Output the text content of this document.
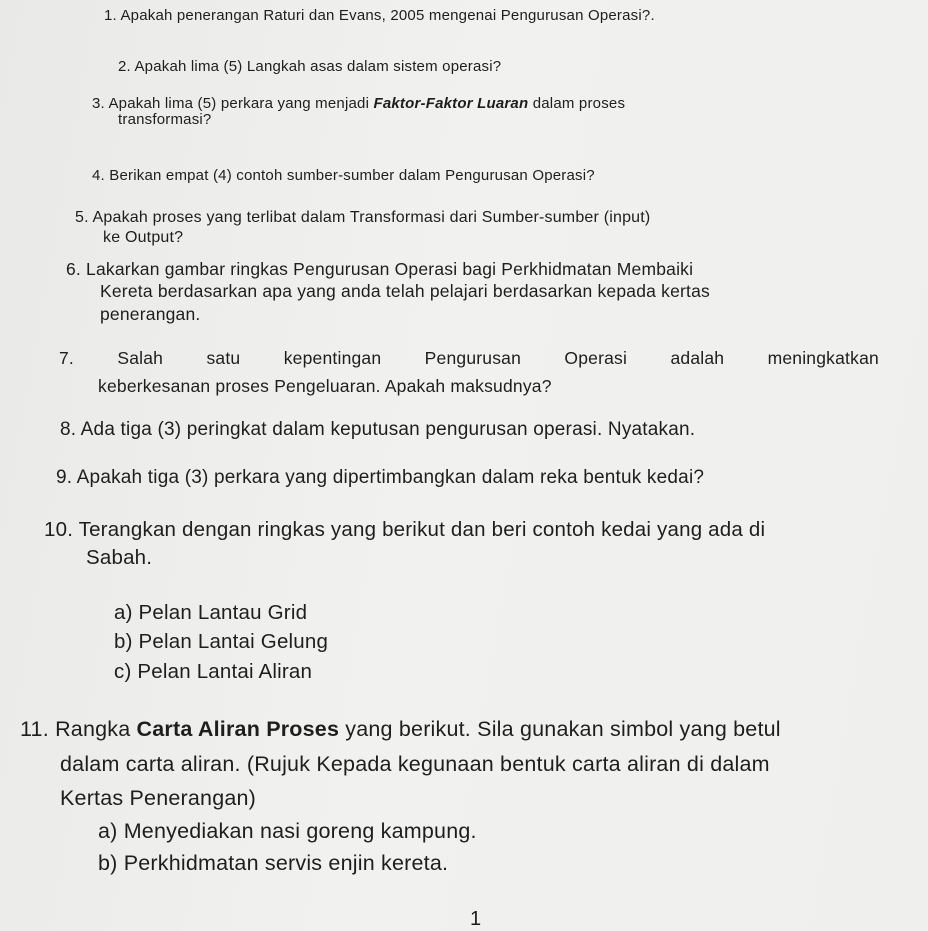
1. Apakah penerangan Raturi dan Evans, 2005 mengenai Pengurusan Operasi?.
2. Apakah lima (5) Langkah asas dalam sistem operasi?
3. Apakah lima (5) perkara yang menjadi Faktor-Faktor Luaran dalam proses
transformasi?
4. Berikan empat (4) contoh sumber-sumber dalam Pengurusan Operasi?
5. Apakah proses yang terlibat dalam Transformasi dari Sumber-sumber (input)
ke Output?
6. Lakarkan gambar ringkas Pengurusan Operasi bagi Perkhidmatan Membaiki
Kereta berdasarkan apa yang anda telah pelajari berdasarkan kepada kertas
penerangan.
7. Salah satu kepentingan Pengurusan Operasi adalah meningkatkan
keberkesanan proses Pengeluaran. Apakah maksudnya?
8. Ada tiga (3) peringkat dalam keputusan pengurusan operasi. Nyatakan.
9. Apakah tiga (3) perkara yang dipertimbangkan dalam reka bentuk kedai?
10. Terangkan dengan ringkas yang berikut dan beri contoh kedai yang ada di
Sabah.
a) Pelan Lantau Grid
b) Pelan Lantai Gelung
c) Pelan Lantai Aliran
11. Rangka Carta Aliran Proses yang berikut. Sila gunakan simbol yang betul
dalam carta aliran. (Rujuk Kepada kegunaan bentuk carta aliran di dalam
Kertas Penerangan)
a) Menyediakan nasi goreng kampung.
b) Perkhidmatan servis enjin kereta.
1
